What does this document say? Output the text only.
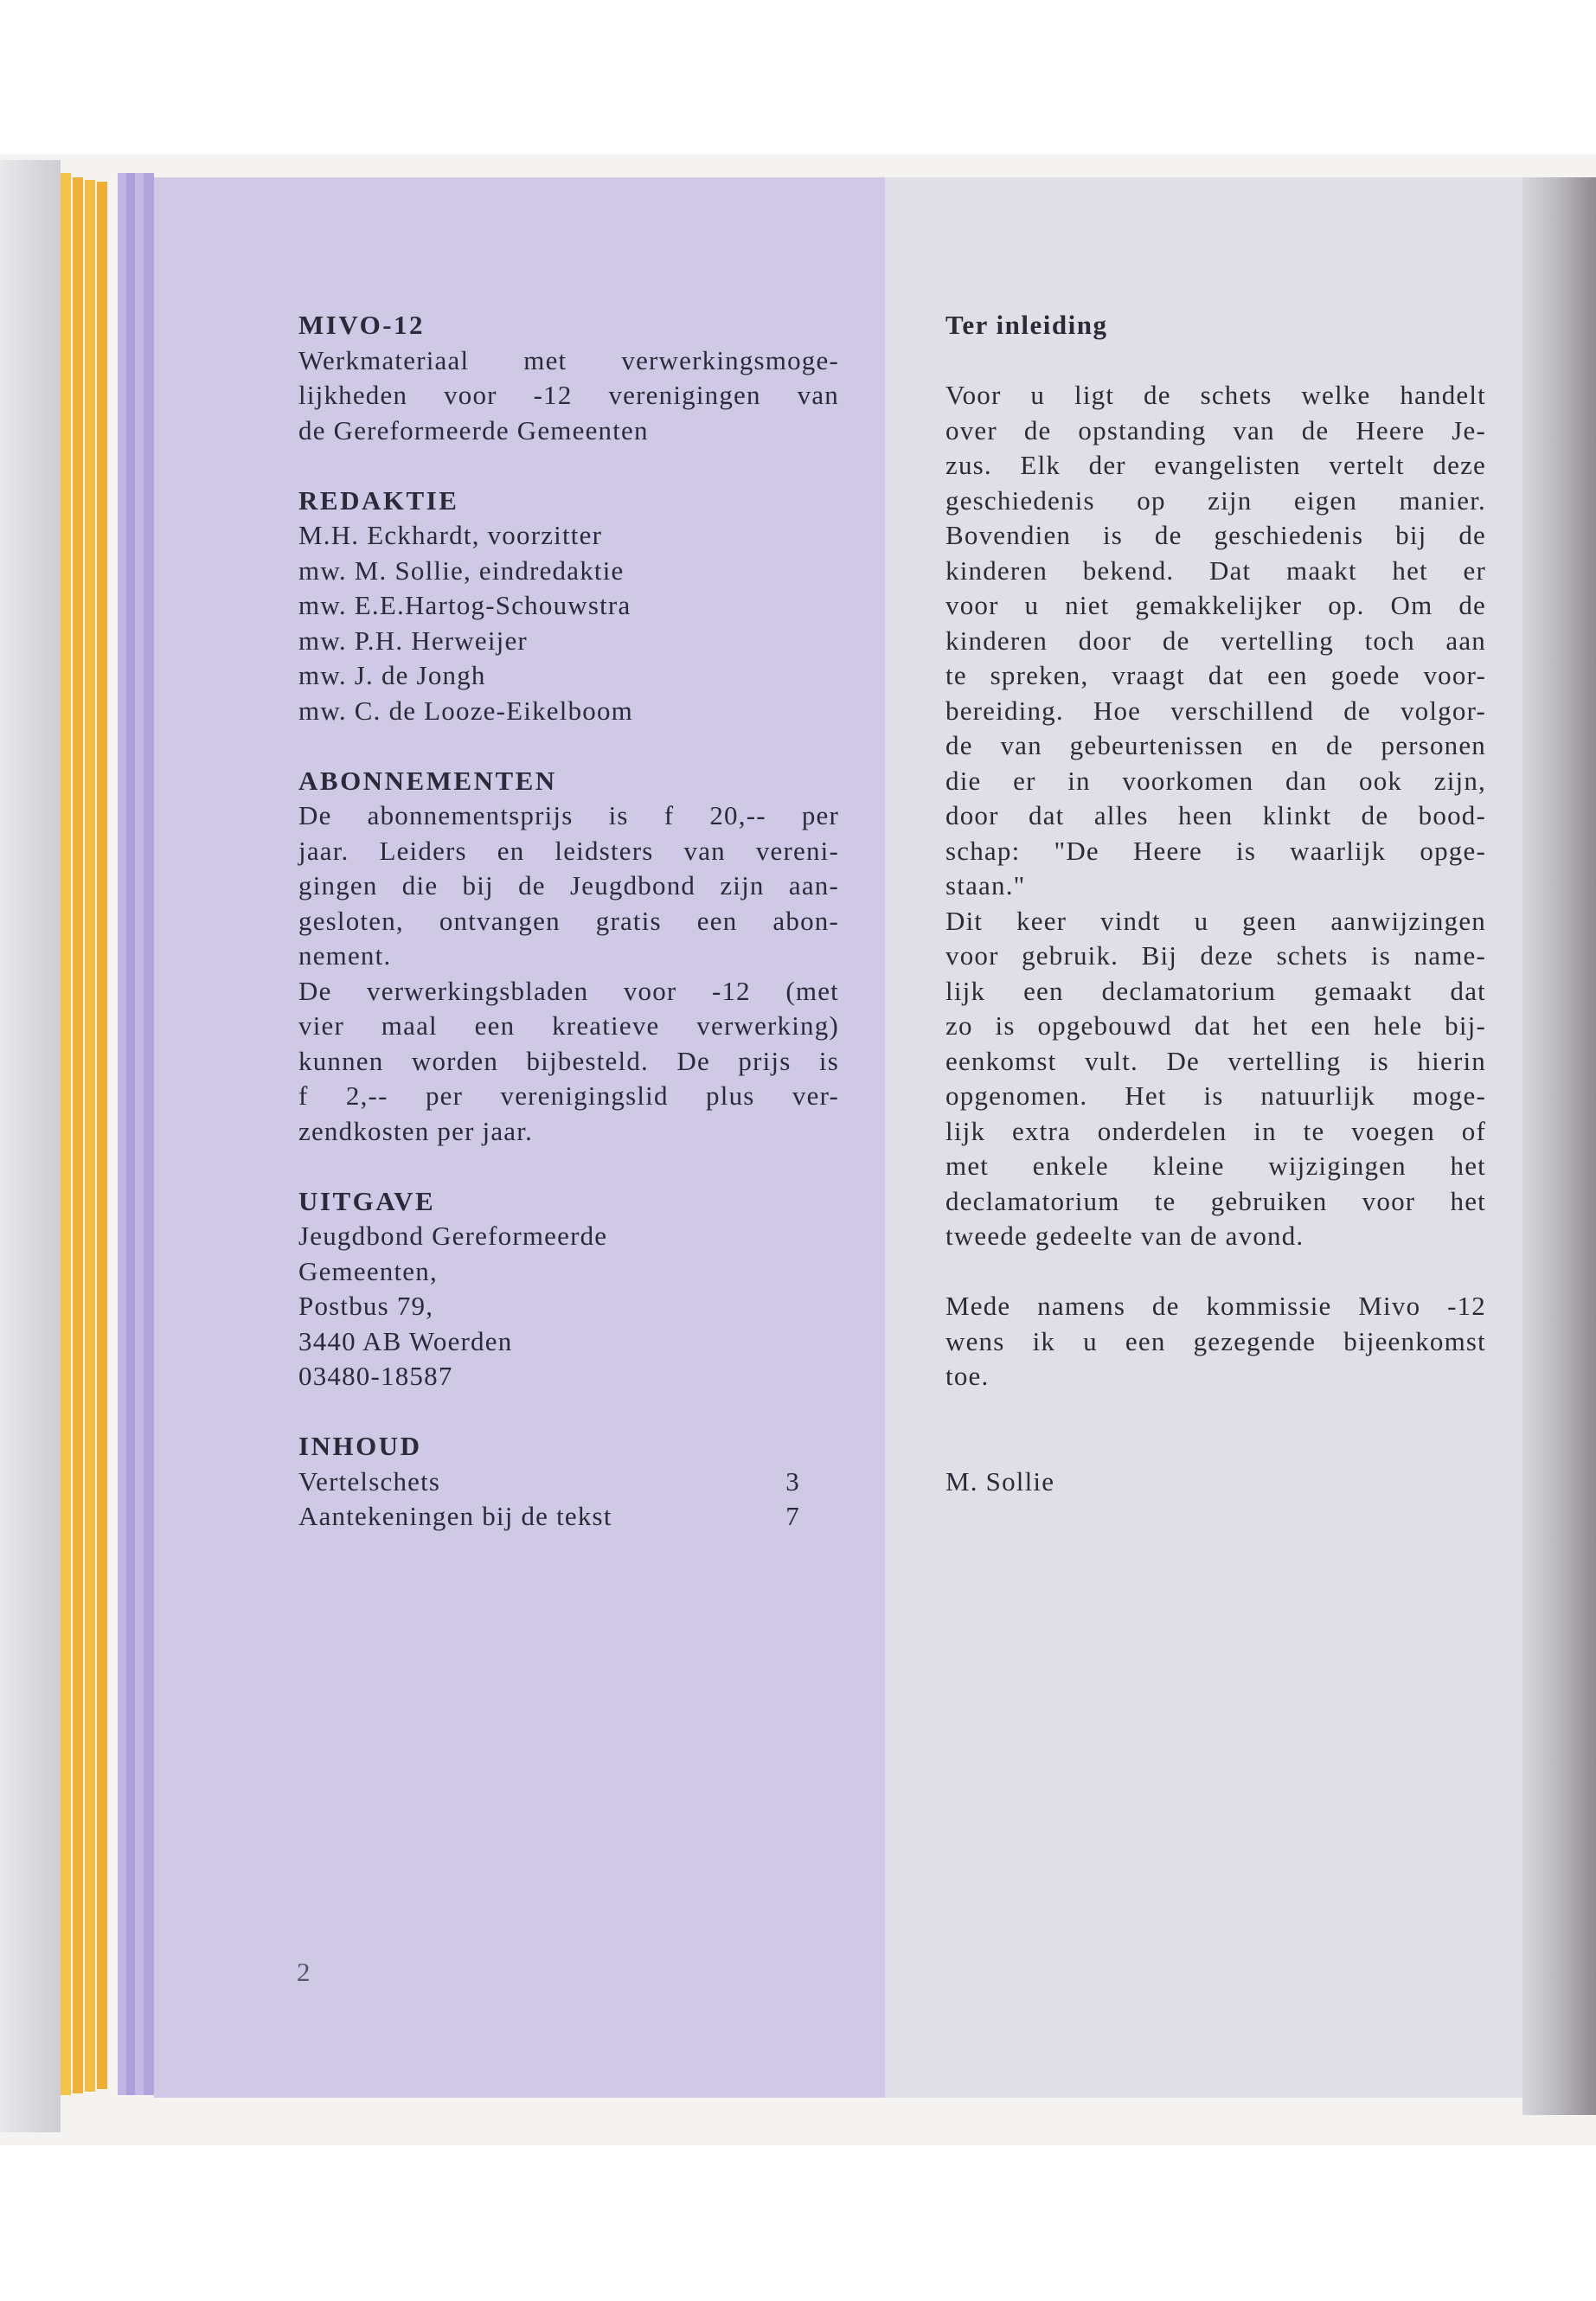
MIVO-12
Werkmateriaal met verwerkingsmoge-
lijkheden voor -12 verenigingen van
de Gereformeerde Gemeenten
REDAKTIE
M.H. Eckhardt, voorzitter
mw. M. Sollie, eindredaktie
mw. E.E.Hartog-Schouwstra
mw. P.H. Herweijer
mw. J. de Jongh
mw. C. de Looze-Eikelboom
ABONNEMENTEN
De abonnementsprijs is f 20,-- per
jaar. Leiders en leidsters van vereni-
gingen die bij de Jeugdbond zijn aan-
gesloten, ontvangen gratis een abon-
nement.
De verwerkingsbladen voor -12 (met
vier maal een kreatieve verwerking)
kunnen worden bijbesteld. De prijs is
f 2,-- per verenigingslid plus ver-
zendkosten per jaar.
UITGAVE
Jeugdbond Gereformeerde
Gemeenten,
Postbus 79,
3440 AB Woerden
03480-18587
INHOUD
Vertelschets	3
Aantekeningen bij de tekst	7
2
Ter inleiding
Voor u ligt de schets welke handelt
over de opstanding van de Heere Je-
zus. Elk der evangelisten vertelt deze
geschiedenis op zijn eigen manier.
Bovendien is de geschiedenis bij de
kinderen bekend. Dat maakt het er
voor u niet gemakkelijker op. Om de
kinderen door de vertelling toch aan
te spreken, vraagt dat een goede voor-
bereiding. Hoe verschillend de volgor-
de van gebeurtenissen en de personen
die er in voorkomen dan ook zijn,
door dat alles heen klinkt de bood-
schap: "De Heere is waarlijk opge-
staan."
Dit keer vindt u geen aanwijzingen
voor gebruik. Bij deze schets is name-
lijk een declamatorium gemaakt dat
zo is opgebouwd dat het een hele bij-
eenkomst vult. De vertelling is hierin
opgenomen. Het is natuurlijk moge-
lijk extra onderdelen in te voegen of
met enkele kleine wijzigingen het
declamatorium te gebruiken voor het
tweede gedeelte van de avond.
Mede namens de kommissie Mivo -12
wens ik u een gezegende bijeenkomst
toe.
M. Sollie
